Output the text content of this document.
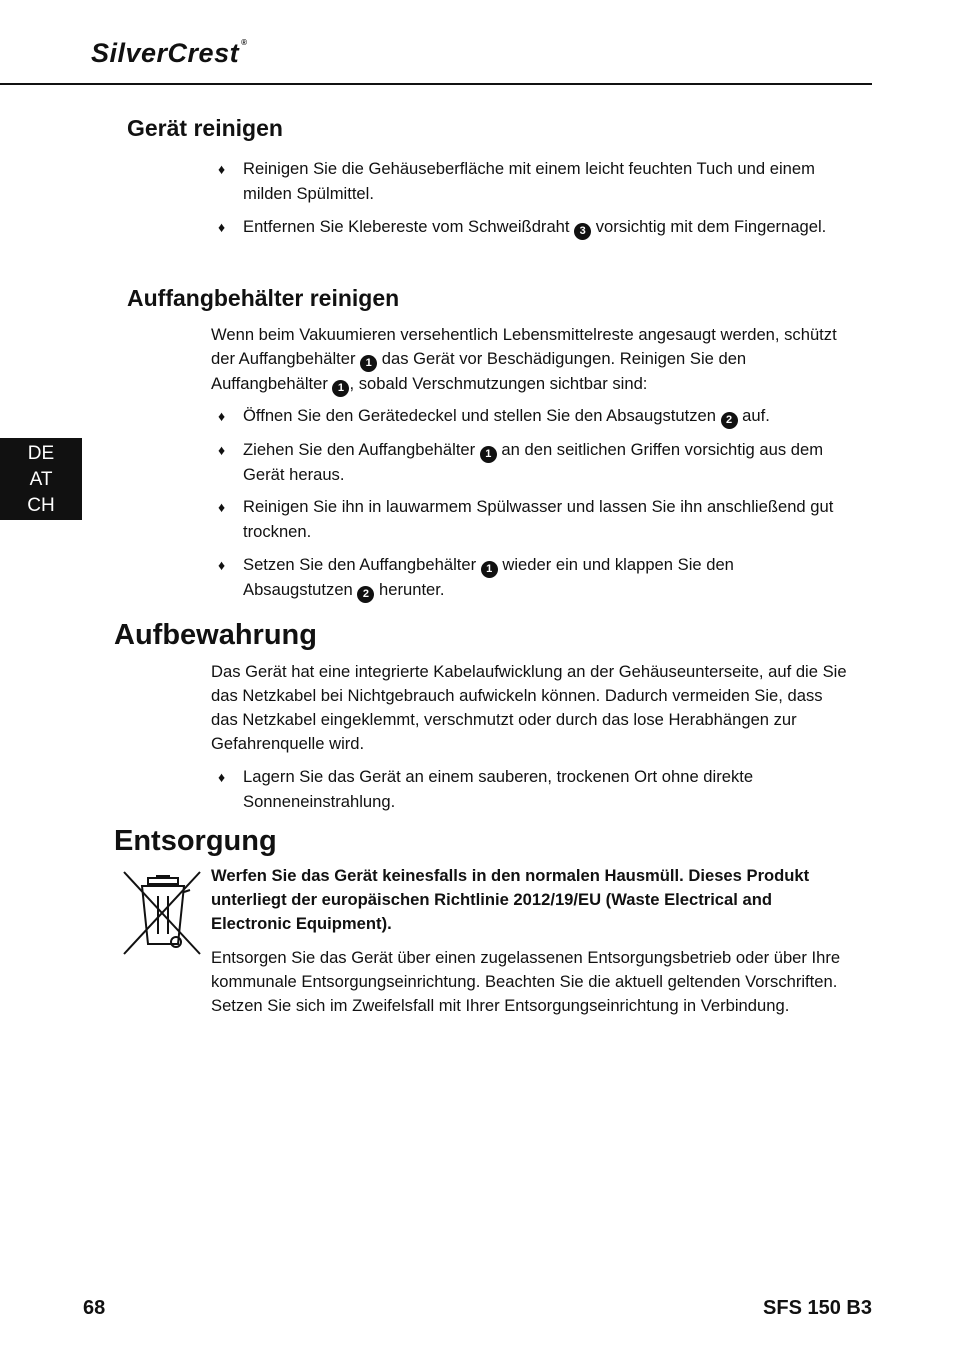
SilverCrest ®
DE
AT
CH
Gerät reinigen
♦ Reinigen Sie die Gehäuseberfläche mit einem leicht feuchten Tuch und einem milden Spülmittel.
♦ Entfernen Sie Klebereste vom Schweißdraht 3 vorsichtig mit dem Fingernagel.
Auffangbehälter reinigen

Wenn beim Vakuumieren versehentlich Lebensmittelreste angesaugt werden, schützt der Auffangbehälter 1 das Gerät vor Beschädigungen. Reinigen Sie den Auffangbehälter 1 , sobald Verschmutzungen sichtbar sind:

♦ Öffnen Sie den Gerätedeckel und stellen Sie den Absaugstutzen 2 auf.
♦ Ziehen Sie den Auffangbehälter 1 an den seitlichen Griffen vorsichtig aus dem Gerät heraus.
♦ Reinigen Sie ihn in lauwarmem Spülwasser und lassen Sie ihn anschließend gut trocknen.
♦ Setzen Sie den Auffangbehälter 1 wieder ein und klappen Sie den Absaugstutzen 2 herunter.
Aufbewahrung

Das Gerät hat eine integrierte Kabelaufwicklung an der Gehäuseunterseite, auf die Sie das Netzkabel bei Nichtgebrauch aufwickeln können. Dadurch vermeiden Sie, dass das Netzkabel eingeklemmt, verschmutzt oder durch das lose Herabhängen zur Gefahrenquelle wird.

♦ Lagern Sie das Gerät an einem sauberen, trockenen Ort ohne direkte Sonneneinstrahlung.
Entsorgung

Werfen Sie das Gerät keinesfalls in den normalen Hausmüll. Dieses Produkt unterliegt der europäischen Richtlinie 2012/19/EU (Waste Electrical and Electronic Equipment).

Entsorgen Sie das Gerät über einen zugelassenen Entsorgungsbetrieb oder über Ihre kommunale Entsorgungseinrichtung. Beachten Sie die aktuell geltenden Vorschriften. Setzen Sie sich im Zweifelsfall mit Ihrer Entsorgungseinrichtung in Verbindung.

68	SFS 150 B3
